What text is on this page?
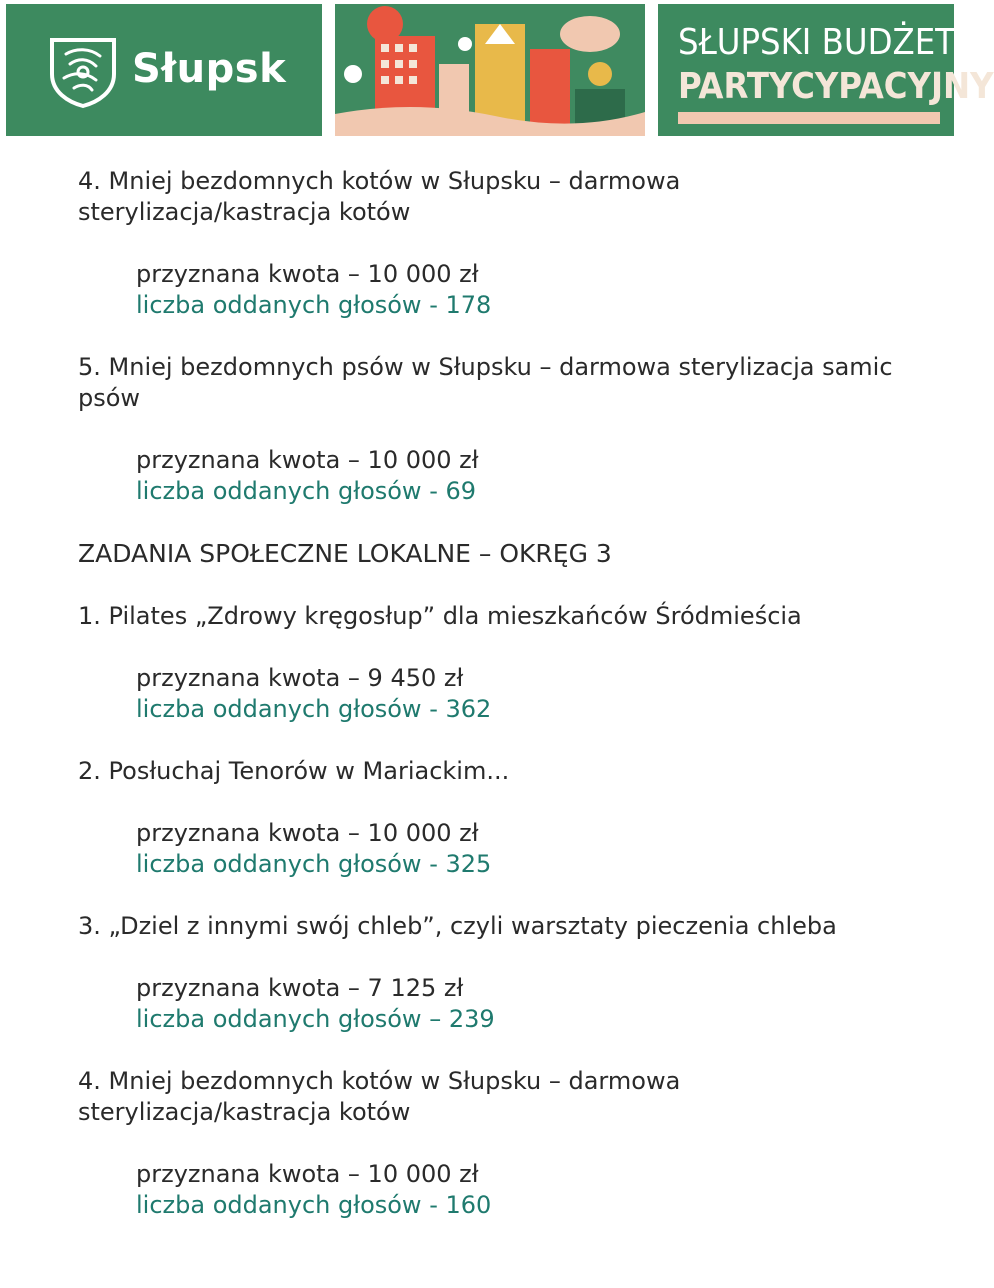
Słupsk
SŁUPSKI BUDŻET
PARTYCYPACYJNY

4. Mniej bezdomnych kotów w Słupsku – darmowa sterylizacja/kastracja kotów

przyznana kwota – 10 000 zł
liczba oddanych głosów - 178

5. Mniej bezdomnych psów w Słupsku – darmowa sterylizacja samic psów

przyznana kwota – 10 000 zł
liczba oddanych głosów - 69
ZADANIA SPOŁECZNE LOKALNE – OKRĘG 3

1. Pilates „Zdrowy kręgosłup” dla mieszkańców Śródmieścia

przyznana kwota – 9 450 zł
liczba oddanych głosów - 362

2. Posłuchaj Tenorów w Mariackim...

przyznana kwota – 10 000 zł
liczba oddanych głosów - 325

3. „Dziel z innymi swój chleb”, czyli warsztaty pieczenia chleba

przyznana kwota – 7 125 zł
liczba oddanych głosów – 239

4. Mniej bezdomnych kotów w Słupsku – darmowa sterylizacja/kastracja kotów

przyznana kwota – 10 000 zł
liczba oddanych głosów - 160
